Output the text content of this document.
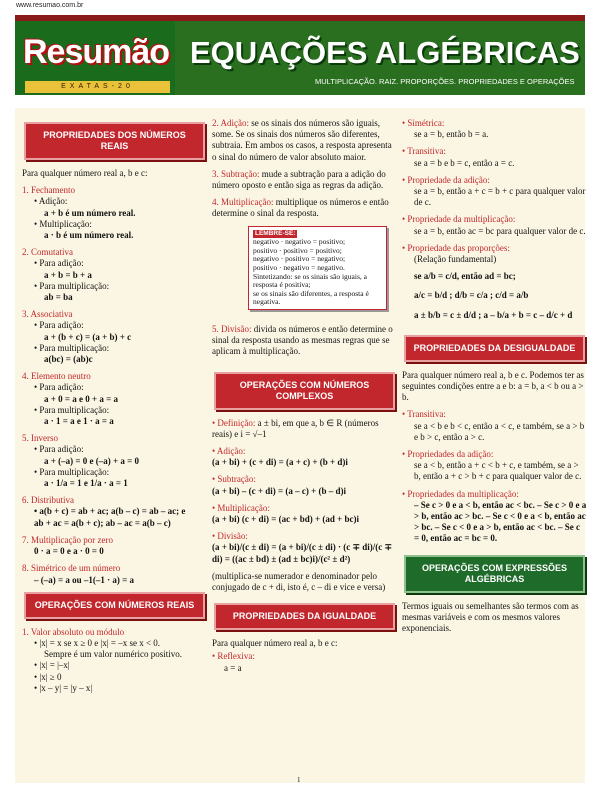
www.resumao.com.br
Resumão
EXATAS-20
EQUAÇÕES ALGÉBRICAS
MULTIPLICAÇÃO. RAIZ. PROPORÇÕES. PROPRIEDADES E OPERAÇÕES
PROPRIEDADES DOS NÚMEROS REAIS

Para qualquer número real a, b e c:

1. Fechamento
• Adição:
a + b é um número real.
• Multiplicação:
a · b é um número real.
2. Comutativa
• Para adição:
a + b = b + a
• Para multiplicação:
ab = ba
3. Associativa
• Para adição:
a + (b + c) = (a + b) + c
• Para multiplicação:
a(bc) = (ab)c
4. Elemento neutro
• Para adição:
a + 0 = a e 0 + a = a
• Para multiplicação:
a · 1 = a e 1 · a = a
5. Inverso
• Para adição:
a + (–a) = 0 e (–a) + a = 0
• Para multiplicação:
a · 1/a = 1 e 1/a · a = 1
6. Distributiva
• a(b + c) = ab + ac; a(b – c) = ab – ac; e
ab + ac = a(b + c); ab – ac = a(b – c)
7. Multiplicação por zero
0 · a = 0 e a · 0 = 0
8. Simétrico de um número
– (–a) = a ou –1(–1 · a) = a
OPERAÇÕES COM NÚMEROS REAIS
1. Valor absoluto ou módulo
• |x| = x se x ≥ 0 e |x| = –x se x < 0.
Sempre é um valor numérico positivo.
• |x| = |–x|
• |x| ≥ 0
• |x – y| = |y – x|

2. Adição: se os sinais dos números são iguais, some. Se os sinais dos números são diferentes, subtraia. Em ambos os casos, a resposta apresenta o sinal do número de valor absoluto maior.

3. Subtração: mude a subtração para a adição do número oposto e então siga as regras da adição.

4. Multiplicação: multiplique os números e então determine o sinal da resposta.

LEMBRE-SE:
negativo · negativo = positivo;
positivo · positivo = positivo;
negativo · positivo = negativo;
positivo · negativo = negativo.
Sintetizando: se os sinais são iguais, a resposta é positiva;
se os sinais são diferentes, a resposta é negativa.

5. Divisão: divida os números e então determine o sinal da resposta usando as mesmas regras que se aplicam à multiplicação.

OPERAÇÕES COM NÚMEROS COMPLEXOS

• Definição: a ± bi, em que a, b ∈ R (números reais) e i = √–1

• Adição:
(a + bi) + (c + di) = (a + c) + (b + d)i

• Subtração:
(a + bi) – (c + di) = (a – c) + (b – d)i

• Multiplicação:
(a + bi) (c + di) = (ac + bd) + (ad + bc)i

• Divisão:
(a + bi)/(c ± di) = (a + bi)/(c ± di) · (c ∓ di)/(c ∓ di) = ((ac ± bd) ± (ad ± bc)i)/(c² ± d²)

(multiplica-se numerador e denominador pelo conjugado de c + di, isto é, c – di e vice e versa)

PROPRIEDADES DA IGUALDADE

Para qualquer número real a, b e c:

• Reflexiva:
a = a
• Simétrica:
se a = b, então b = a.
• Transitiva:
se a = b e b = c, então a = c.
• Propriedade da adição:
se a = b, então a + c = b + c para qualquer valor de c.
• Propriedade da multiplicação:
se a = b, então ac = bc para qualquer valor de c.
• Propriedade das proporções:
(Relação fundamental)
se a/b = c/d, então ad = bc;
a/c = b/d ; d/b = c/a ; c/d = a/b
a ± b/b = c ± d/d ; a – b/a + b = c – d/c + d
PROPRIEDADES DA DESIGUALDADE

Para qualquer número real a, b e c. Podemos ter as seguintes condições entre a e b: a = b, a < b ou a > b.

• Transitiva:
se a < b e b < c, então a < c, e também, se a > b e b > c, então a > c.
• Propriedades da adição:
se a < b, então a + c < b + c, e também, se a > b, então a + c > b + c para qualquer valor de c.
• Propriedades da multiplicação:
– Se c > 0 e a < b, então ac < bc. – Se c > 0 e a > b, então ac > bc. – Se c < 0 e a < b, então ac > bc. – Se c < 0 e a > b, então ac < bc. – Se c = 0, então ac = bc = 0.
OPERAÇÕES COM EXPRESSÕES ALGÉBRICAS

Termos iguais ou semelhantes são termos com as mesmas variáveis e com os mesmos valores exponenciais.

1
